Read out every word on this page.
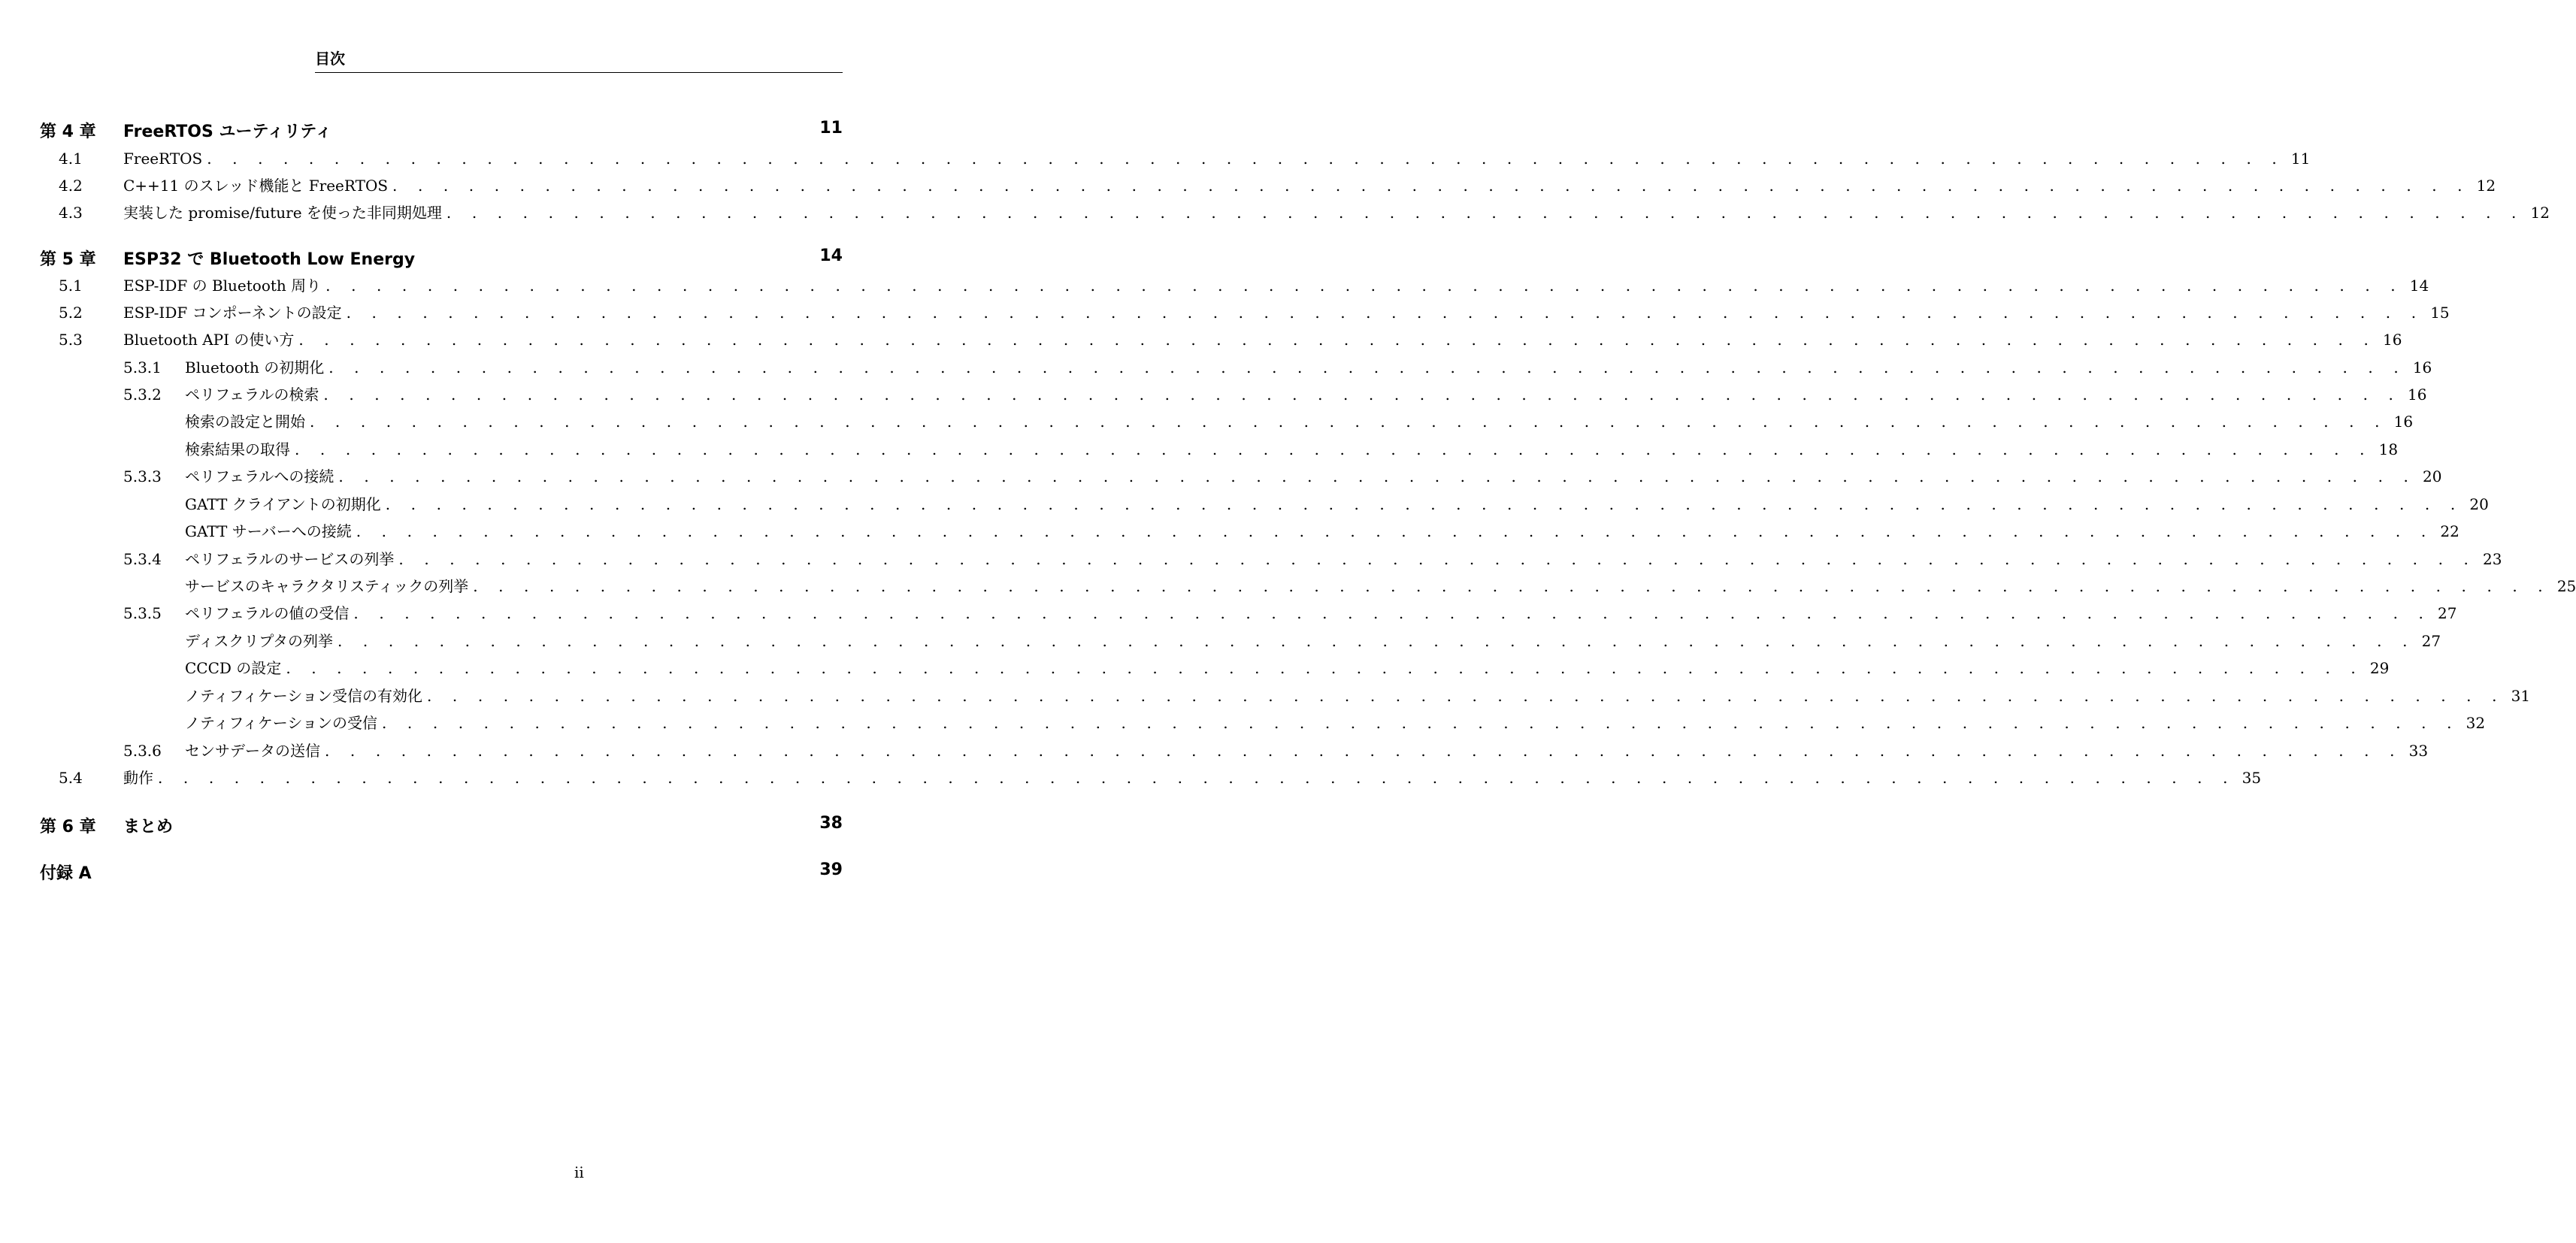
目次
第 4 章 FreeRTOS ユーティリティ	11
4.1	FreeRTOS . . . . . . . . . . . . . . . . . . . . . . . . . . . . . . . . . . . . . . . . . . . . . . . . . . . . . . . . . . . . . . . . . . . . . . . . . . . . . . . . . . 11
4.2	C++11 のスレッド機能と FreeRTOS . . . . . . . . . . . . . . . . . . . . . . . . . . . . . . . . . . . . . . . . . . . . . . . . . . . . . . . . . . . . . . . . . . . . . . . . . . . . . . . . . . 12
4.3	実装した promise/future を使った非同期処理 . . . . . . . . . . . . . . . . . . . . . . . . . . . . . . . . . . . . . . . . . . . . . . . . . . . . . . . . . . . . . . . . . . . . . . . . . . . . . . . . . . 12
第 5 章 ESP32 で Bluetooth Low Energy	14
5.1	ESP-IDF の Bluetooth 周り . . . . . . . . . . . . . . . . . . . . . . . . . . . . . . . . . . . . . . . . . . . . . . . . . . . . . . . . . . . . . . . . . . . . . . . . . . . . . . . . . . 14
5.2	ESP-IDF コンポーネントの設定 . . . . . . . . . . . . . . . . . . . . . . . . . . . . . . . . . . . . . . . . . . . . . . . . . . . . . . . . . . . . . . . . . . . . . . . . . . . . . . . . . . 15
5.3	Bluetooth API の使い方 . . . . . . . . . . . . . . . . . . . . . . . . . . . . . . . . . . . . . . . . . . . . . . . . . . . . . . . . . . . . . . . . . . . . . . . . . . . . . . . . . . 16
5.3.1 Bluetooth の初期化 . . . . . . . . . . . . . . . . . . . . . . . . . . . . . . . . . . . . . . . . . . . . . . . . . . . . . . . . . . . . . . . . . . . . . . . . . . . . . . . . . . 16
5.3.2 ペリフェラルの検索 . . . . . . . . . . . . . . . . . . . . . . . . . . . . . . . . . . . . . . . . . . . . . . . . . . . . . . . . . . . . . . . . . . . . . . . . . . . . . . . . . . 16
検索の設定と開始 . . . . . . . . . . . . . . . . . . . . . . . . . . . . . . . . . . . . . . . . . . . . . . . . . . . . . . . . . . . . . . . . . . . . . . . . . . . . . . . . . . 16
検索結果の取得 . . . . . . . . . . . . . . . . . . . . . . . . . . . . . . . . . . . . . . . . . . . . . . . . . . . . . . . . . . . . . . . . . . . . . . . . . . . . . . . . . . 18
5.3.3 ペリフェラルへの接続 . . . . . . . . . . . . . . . . . . . . . . . . . . . . . . . . . . . . . . . . . . . . . . . . . . . . . . . . . . . . . . . . . . . . . . . . . . . . . . . . . . 20
GATT クライアントの初期化 . . . . . . . . . . . . . . . . . . . . . . . . . . . . . . . . . . . . . . . . . . . . . . . . . . . . . . . . . . . . . . . . . . . . . . . . . . . . . . . . . . 20
GATT サーバーへの接続 . . . . . . . . . . . . . . . . . . . . . . . . . . . . . . . . . . . . . . . . . . . . . . . . . . . . . . . . . . . . . . . . . . . . . . . . . . . . . . . . . . 22
5.3.4 ペリフェラルのサービスの列挙 . . . . . . . . . . . . . . . . . . . . . . . . . . . . . . . . . . . . . . . . . . . . . . . . . . . . . . . . . . . . . . . . . . . . . . . . . . . . . . . . . . 23
サービスのキャラクタリスティックの列挙 . . . . . . . . . . . . . . . . . . . . . . . . . . . . . . . . . . . . . . . . . . . . . . . . . . . . . . . . . . . . . . . . . . . . . . . . . . . . . . . . . . 25
5.3.5 ペリフェラルの値の受信 . . . . . . . . . . . . . . . . . . . . . . . . . . . . . . . . . . . . . . . . . . . . . . . . . . . . . . . . . . . . . . . . . . . . . . . . . . . . . . . . . . 27
ディスクリプタの列挙 . . . . . . . . . . . . . . . . . . . . . . . . . . . . . . . . . . . . . . . . . . . . . . . . . . . . . . . . . . . . . . . . . . . . . . . . . . . . . . . . . . 27
CCCD の設定 . . . . . . . . . . . . . . . . . . . . . . . . . . . . . . . . . . . . . . . . . . . . . . . . . . . . . . . . . . . . . . . . . . . . . . . . . . . . . . . . . . 29
ノティフィケーション受信の有効化 . . . . . . . . . . . . . . . . . . . . . . . . . . . . . . . . . . . . . . . . . . . . . . . . . . . . . . . . . . . . . . . . . . . . . . . . . . . . . . . . . . 31
ノティフィケーションの受信 . . . . . . . . . . . . . . . . . . . . . . . . . . . . . . . . . . . . . . . . . . . . . . . . . . . . . . . . . . . . . . . . . . . . . . . . . . . . . . . . . . 32
5.3.6 センサデータの送信 . . . . . . . . . . . . . . . . . . . . . . . . . . . . . . . . . . . . . . . . . . . . . . . . . . . . . . . . . . . . . . . . . . . . . . . . . . . . . . . . . . 33
5.4	動作 . . . . . . . . . . . . . . . . . . . . . . . . . . . . . . . . . . . . . . . . . . . . . . . . . . . . . . . . . . . . . . . . . . . . . . . . . . . . . . . . . . 35
第 6 章 まとめ	38
付録 A	39
ii
